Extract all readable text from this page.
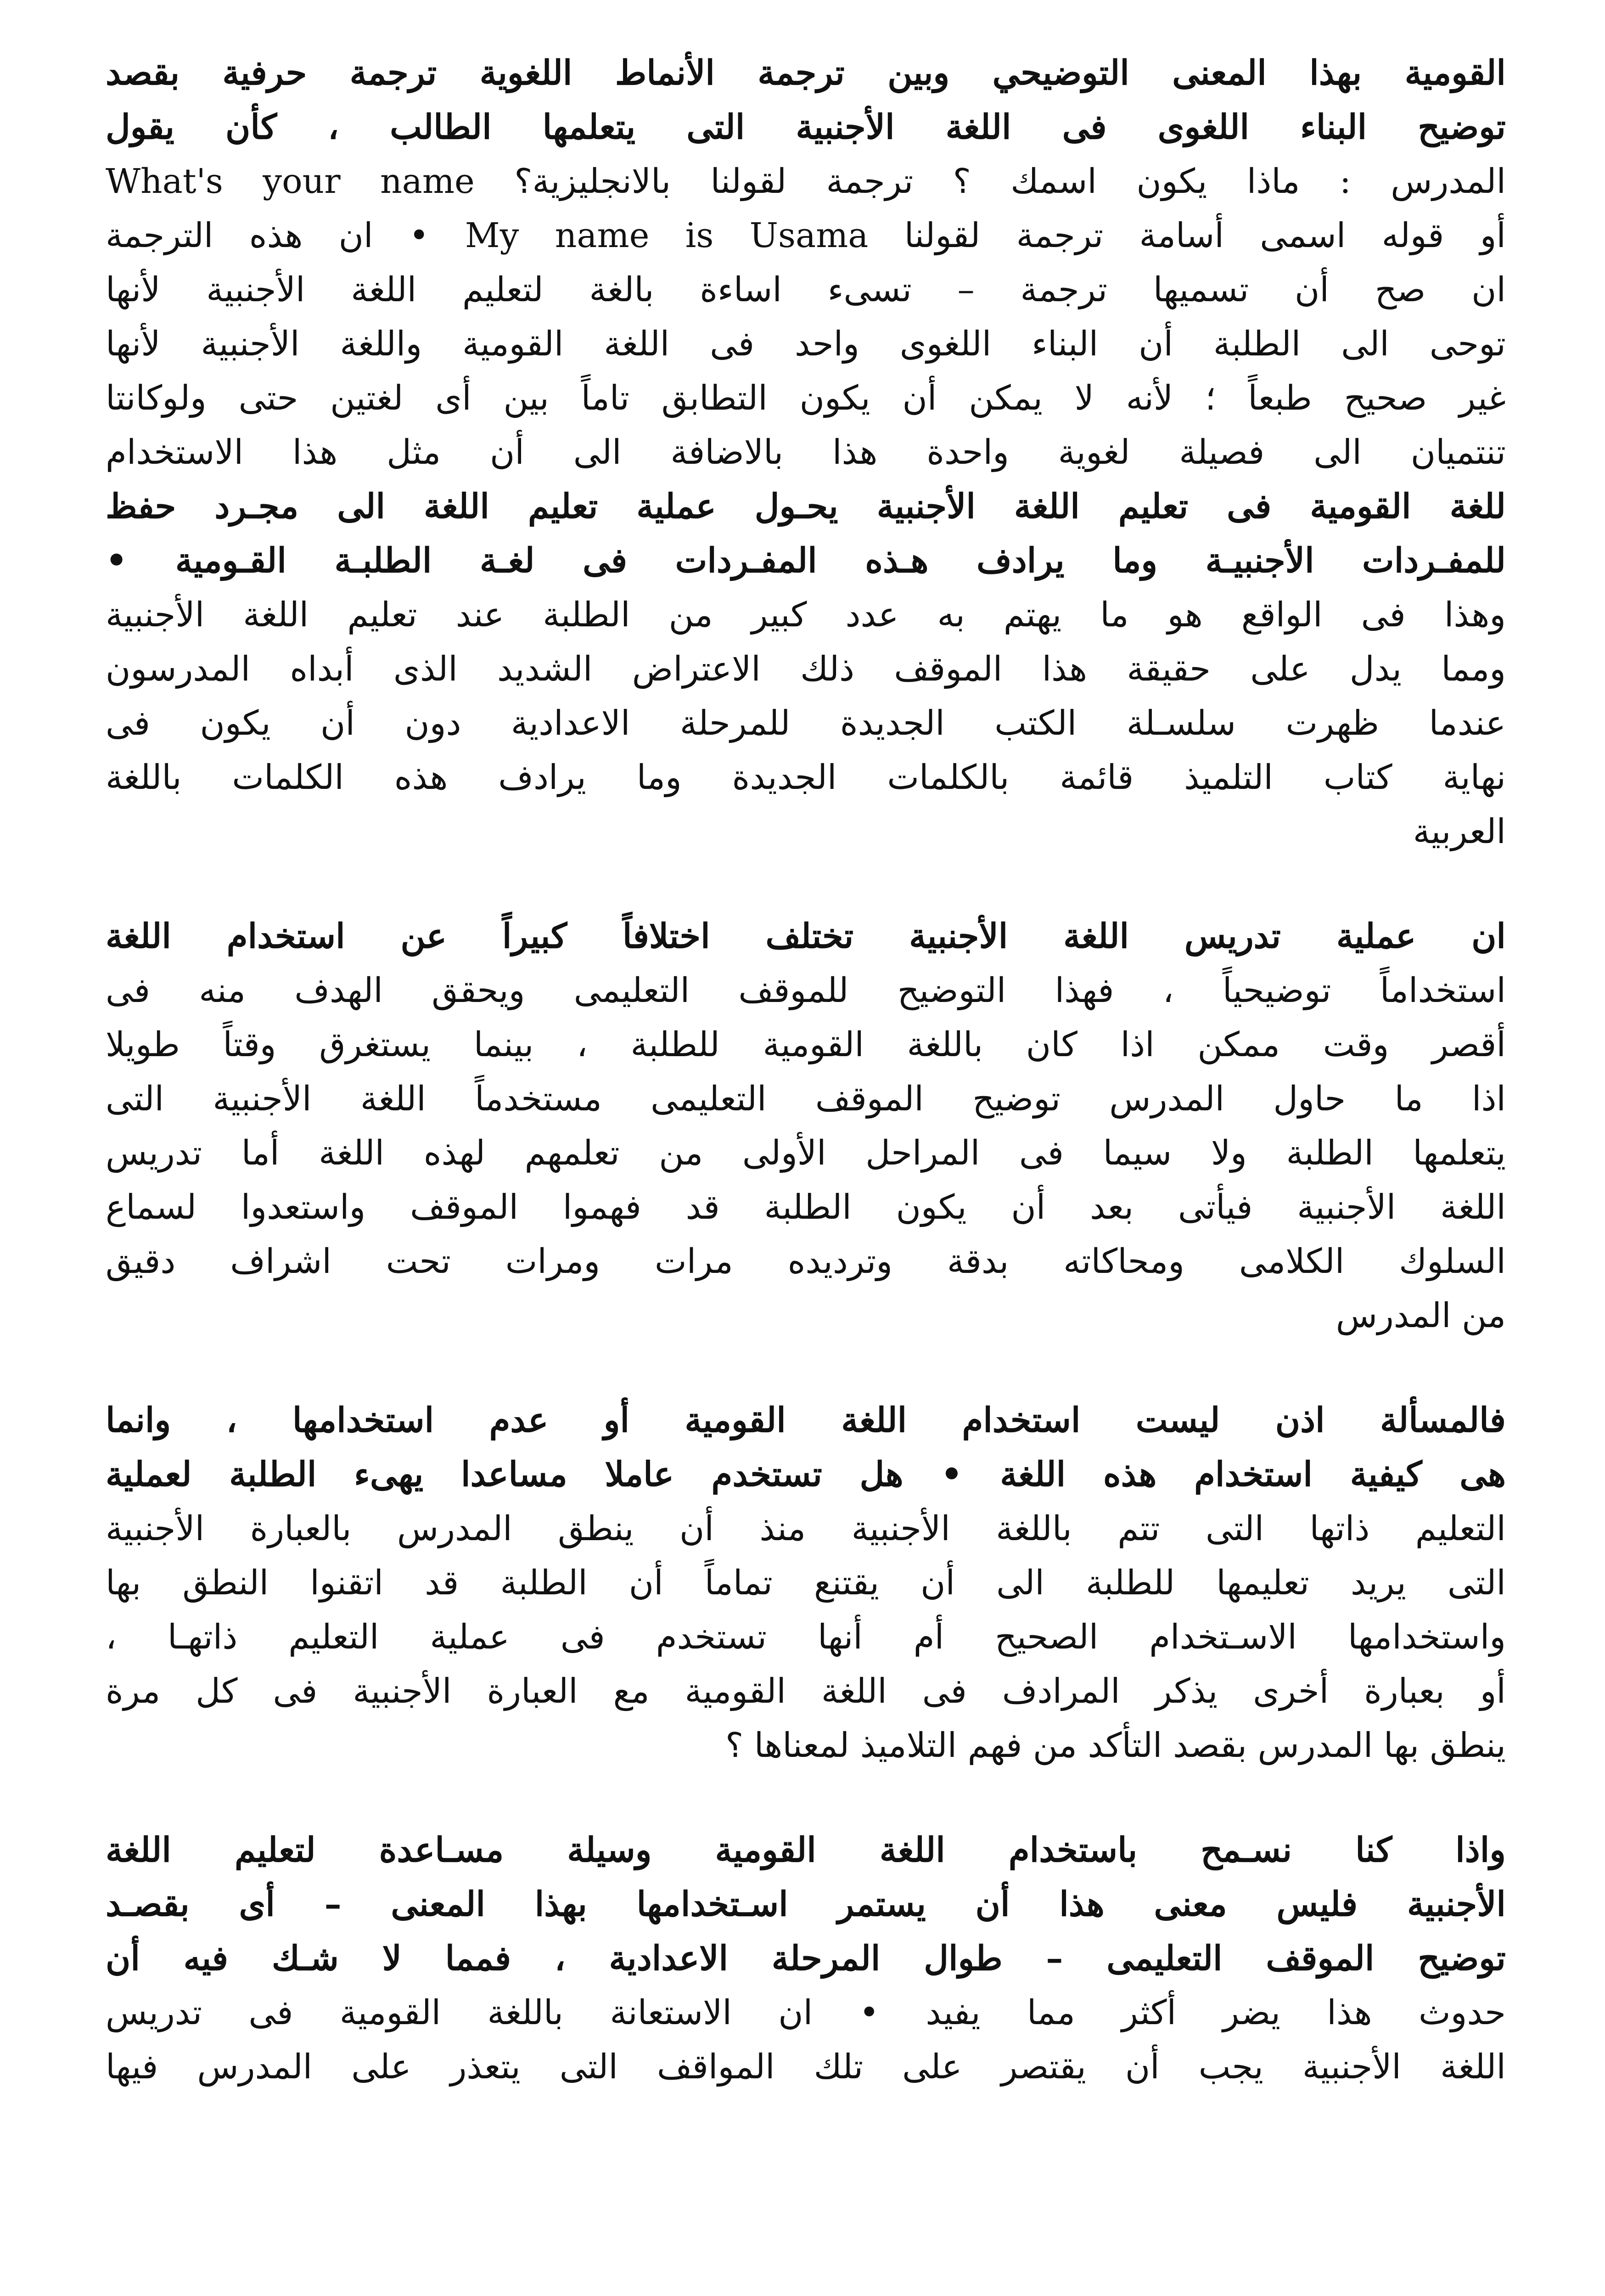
القومية بهذا المعنى التوضيحي وبين ترجمة الأنماط اللغوية ترجمة حرفية بقصد
توضيح البناء اللغوى فى اللغة الأجنبية التى يتعلمها الطالب ، كأن يقول
المدرس : ماذا يكون اسمك ؟ ترجمة لقولنا بالانجليزية؟ What's your name
أو قوله اسمى أسامة ترجمة لقولنا My name is Usama • ان هذه الترجمة
ان صح أن تسميها ترجمة – تسىء اساءة بالغة لتعليم اللغة الأجنبية لأنها
توحى الى الطلبة أن البناء اللغوى واحد فى اللغة القومية واللغة الأجنبية لأنها
غير صحيح طبعاً ؛ لأنه لا يمكن أن يكون التطابق تاماً بين أى لغتين حتى ولوكانتا
تنتميان الى فصيلة لغوية واحدة هذا بالاضافة الى أن مثل هذا الاستخدام
للغة القومية فى تعليم اللغة الأجنبية يحـول عملية تعليم اللغة الى مجـرد حفظ
للمفـردات الأجنبيـة وما يرادف هـذه المفـردات فى لغـة الطلبـة القـومية •
وهذا فى الواقع هو ما يهتم به عدد كبير من الطلبة عند تعليم اللغة الأجنبية
ومما يدل على حقيقة هذا الموقف ذلك الاعتراض الشديد الذى أبداه المدرسون
عندما ظهرت سلسـلة الكتب الجديدة للمرحلة الاعدادية دون أن يكون فى
نهاية كتاب التلميذ قائمة بالكلمات الجديدة وما يرادف هذه الكلمات باللغة
العربية
ان عملية تدريس اللغة الأجنبية تختلف اختلافاً كبيراً عن استخدام اللغة
استخداماً توضيحياً ، فهذا التوضيح للموقف التعليمى ويحقق الهدف منه فى
أقصر وقت ممكن اذا كان باللغة القومية للطلبة ، بينما يستغرق وقتاً طويلا
اذا ما حاول المدرس توضيح الموقف التعليمى مستخدماً اللغة الأجنبية التى
يتعلمها الطلبة ولا سيما فى المراحل الأولى من تعلمهم لهذه اللغة أما تدريس
اللغة الأجنبية فيأتى بعد أن يكون الطلبة قد فهموا الموقف واستعدوا لسماع
السلوك الكلامى ومحاكاته بدقة وترديده مرات ومرات تحت اشراف دقيق
من المدرس
فالمسألة اذن ليست استخدام اللغة القومية أو عدم استخدامها ، وانما
هى كيفية استخدام هذه اللغة • هل تستخدم عاملا مساعدا يهىء الطلبة لعملية
التعليم ذاتها التى تتم باللغة الأجنبية منذ أن ينطق المدرس بالعبارة الأجنبية
التى يريد تعليمها للطلبة الى أن يقتنع تماماً أن الطلبة قد اتقنوا النطق بها
واستخدامها الاسـتخدام الصحيح أم أنها تستخدم فى عملية التعليم ذاتهـا ،
أو بعبارة أخرى يذكر المرادف فى اللغة القومية مع العبارة الأجنبية فى كل مرة
ينطق بها المدرس بقصد التأكد من فهم التلاميذ لمعناها ؟
واذا كنا نسـمح باستخدام اللغة القومية وسيلة مسـاعدة لتعليم اللغة
الأجنبية فليس معنى هذا أن يستمر اسـتخدامها بهذا المعنى – أى بقصـد
توضيح الموقف التعليمى – طوال المرحلة الاعدادية ، فمما لا شـك فيه أن
حدوث هذا يضر أكثر مما يفيد • ان الاستعانة باللغة القومية فى تدريس
اللغة الأجنبية يجب أن يقتصر على تلك المواقف التى يتعذر على المدرس فيها
